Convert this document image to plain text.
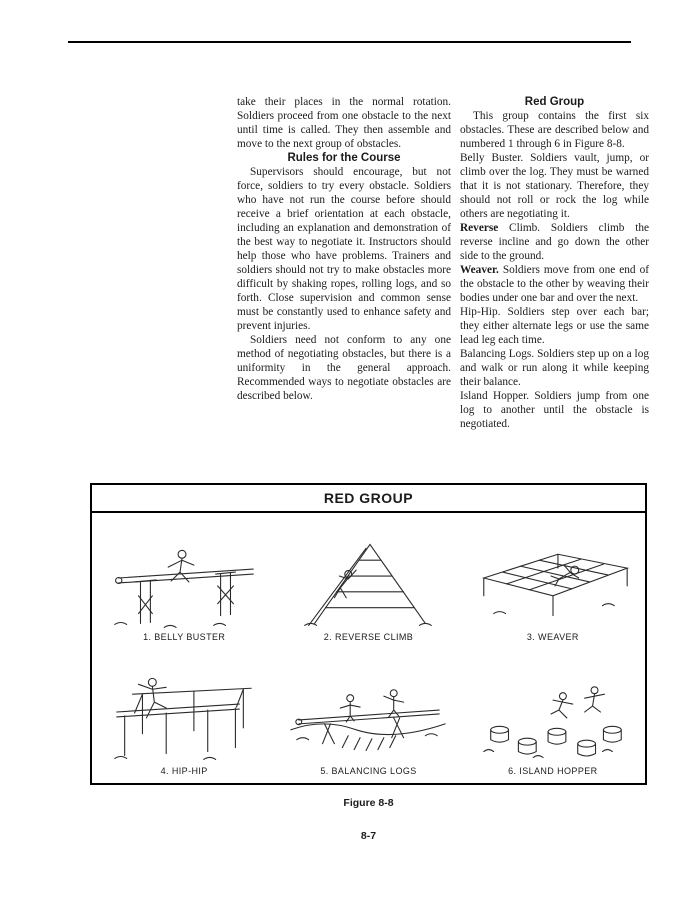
take their places in the normal rotation. Soldiers proceed from one obstacle to the next until time is called. They then assemble and move to the next group of obstacles.

Rules for the Course

Supervisors should encourage, but not force, soldiers to try every obstacle. Soldiers who have not run the course before should receive a brief orientation at each obstacle, including an explanation and demonstration of the best way to negotiate it. Instructors should help those who have problems. Trainers and soldiers should not try to make obstacles more difficult by shaking ropes, rolling logs, and so forth. Close supervision and common sense must be constantly used to enhance safety and prevent injuries.

Soldiers need not conform to any one method of negotiating obstacles, but there is a uniformity in the general approach. Recommended ways to negotiate obstacles are described below.

Red Group

This group contains the first six obstacles. These are described below and numbered 1 through 6 in Figure 8-8.

Belly Buster. Soldiers vault, jump, or climb over the log. They must be warned that it is not stationary. Therefore, they should not roll or rock the log while others are negotiating it.

Reverse Climb. Soldiers climb the reverse incline and go down the other side to the ground.

Weaver. Soldiers move from one end of the obstacle to the other by weaving their bodies under one bar and over the next.

Hip-Hip. Soldiers step over each bar; they either alternate legs or use the same lead leg each time.

Balancing Logs. Soldiers step up on a log and walk or run along it while keeping their balance.

Island Hopper. Soldiers jump from one log to another until the obstacle is negotiated.

RED GROUP
1. BELLY BUSTER	2. REVERSE CLIMB	3. WEAVER
4. HIP-HIP	5. BALANCING LOGS	6. ISLAND HOPPER
Figure 8-8
8-7
